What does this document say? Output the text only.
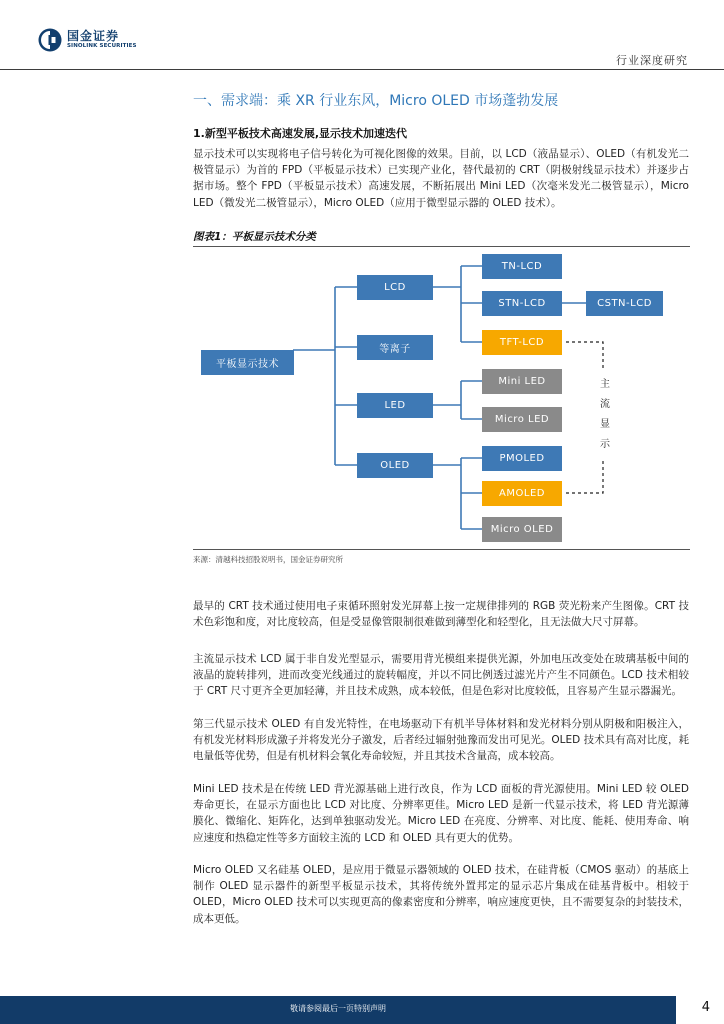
国金证券
SINOLINK SECURITIES
行业深度研究
一、需求端：乘 XR 行业东风，Micro OLED 市场蓬勃发展
1.新型平板技术高速发展,显示技术加速迭代
显示技术可以实现将电子信号转化为可视化图像的效果。目前，以 LCD（液晶显示）、OLED（有机发光二极管显示）为首的 FPD（平板显示技术）已实现产业化，替代最初的 CRT（阴极射线显示技术）并逐步占据市场。整个 FPD（平板显示技术）高速发展，不断拓展出 Mini LED（次毫米发光二极管显示），Micro LED（微发光二极管显示），Micro OLED（应用于微型显示器的 OLED 技术）。
图表1：平板显示技术分类
平板显示技术
LCD
等离子
LED
OLED
TN-LCD
STN-LCD	CSTN-LCD
TFT-LCD
Mini LED
Micro LED
PMOLED
AMOLED
Micro OLED
主
流
显
示
来源：清越科技招股说明书，国金证券研究所
最早的 CRT 技术通过使用电子束循环照射发光屏幕上按一定规律排列的 RGB 荧光粉来产生图像。CRT 技术色彩饱和度，对比度较高，但是受显像管限制很难做到薄型化和轻型化，且无法做大尺寸屏幕。
主流显示技术 LCD 属于非自发光型显示，需要用背光模组来提供光源，外加电压改变处在玻璃基板中间的液晶的旋转排列，进而改变光线通过的旋转幅度，并以不同比例透过滤光片产生不同颜色。LCD 技术相较于 CRT 尺寸更齐全更加轻薄，并且技术成熟，成本较低，但是色彩对比度较低，且容易产生显示器漏光。
第三代显示技术 OLED 有自发光特性，在电场驱动下有机半导体材料和发光材料分别从阴极和阳极注入，有机发光材料形成激子并将发光分子激发，后者经过辐射弛豫而发出可见光。OLED 技术具有高对比度，耗电量低等优势，但是有机材料会氧化寿命较短，并且其技术含量高，成本较高。
Mini LED 技术是在传统 LED 背光源基础上进行改良，作为 LCD 面板的背光源使用。Mini LED 较 OLED 寿命更长，在显示方面也比 LCD 对比度、分辨率更佳。Micro LED 是新一代显示技术，将 LED 背光源薄膜化、微缩化、矩阵化，达到单独驱动发光。Micro LED 在亮度、分辨率、对比度、能耗、使用寿命、响应速度和热稳定性等多方面较主流的 LCD 和 OLED 具有更大的优势。
Micro OLED 又名硅基 OLED，是应用于微显示器领域的 OLED 技术，在硅背板（CMOS 驱动）的基底上制作 OLED 显示器件的新型平板显示技术，其将传统外置邦定的显示芯片集成在硅基背板中。相较于 OLED，Micro OLED 技术可以实现更高的像素密度和分辨率，响应速度更快，且不需要复杂的封装技术，成本更低。
敬请参阅最后一页特别声明	4
